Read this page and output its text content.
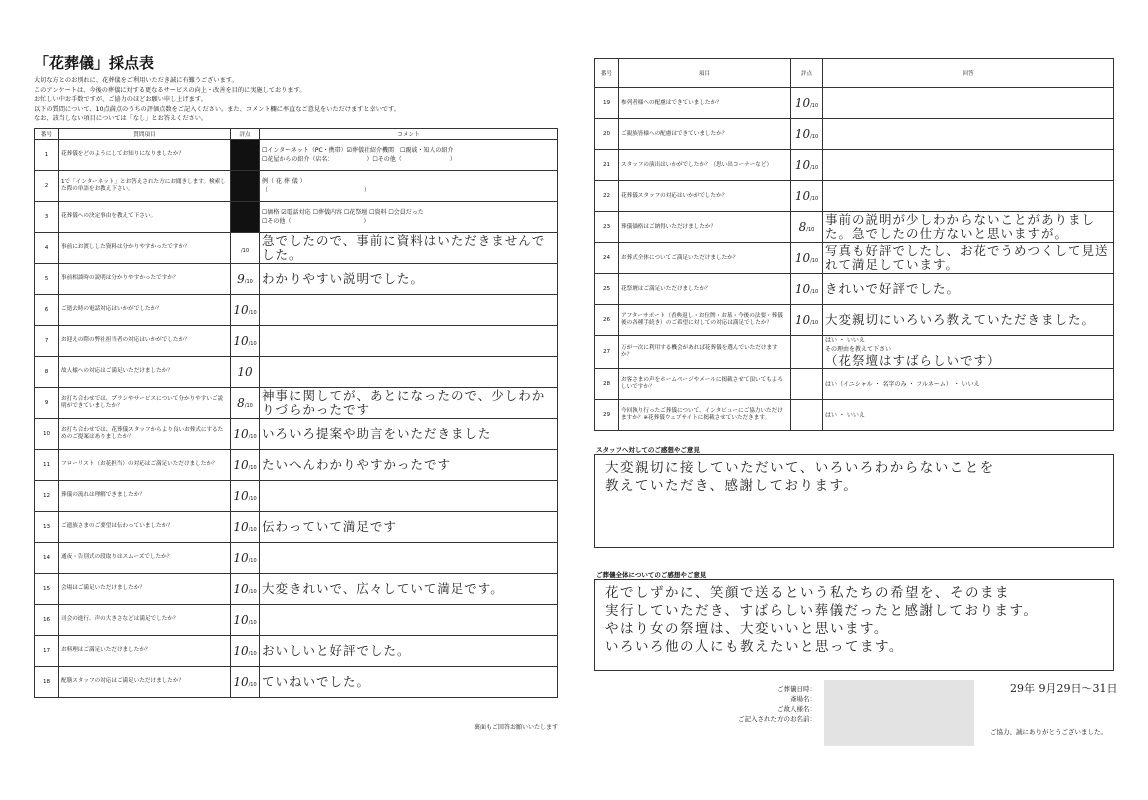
「花葬儀」採点表
大切な方とのお別れに、花葬儀をご利用いただき誠に有難うございます。
このアンケートは、今後の葬儀に対する更なるサービスの向上・改善を目的に実施しております。
お忙しい中お手数ですが、ご協力のほどお願い申し上げます。
以下の質問について、10点満点のうちの評価点数をご記入ください。また、コメント欄に率直なご意見をいただけますと幸いです。
なお、該当しない項目については「なし」とお答えください。
番号	質問項目	評点	コメント
1	花葬儀をどのようにしてお知りになりましたか？		☐インターネット（PC・携帯）☑葬儀社紹介機関　☐親戚・知人の紹介
☐花屋からの紹介（店名：　　　　　　）☐その他（　　　　　　　　）

2	1で「インターネット」とお答えされた方にお聞きします。検索した際の単語をお教え下さい。		例（ 花 葬 儀 ）
（　　　　　　　　　　　　　　　　）

3	花葬儀への決定事由を教えて下さい。		☐価格 ☑電話対応 ☐葬儀内容 ☐花祭壇 ☐資料 ☐会員だった
☐その他（　　　　　　　　　　　　）

4	事前にお渡しした資料は分かりやすかったですか？	/10	急でしたので、事前に資料はいただきませんでした。

5	事前相談時の説明は分かりやすかったですか？	9/10	わかりやすい説明でした。

6	ご逝去時の電話対応はいかがでしたか？	10/10	

7	お迎えの際の弊社担当者の対応はいかがでしたか？	10/10	

8	故人様への対応はご満足いただけましたか？	10	

9	お打ち合わせでは、プランやサービスについて分かりやすいご説明ができていましたか？	8/10	神事に関してが、あとになったので、少しわかりづらかったです

10	お打ち合わせでは、花葬儀スタッフからより良いお葬式にするためのご提案はありましたか？	10/10	いろいろ提案や助言をいただきました

11	フローリスト（お花担当）の対応はご満足いただけましたか？	10/10	たいへんわかりやすかったです

12	葬儀の流れは理解できましたか？	10/10	

13	ご遺族さまのご要望は伝わっていましたか？	10/10	伝わっていて満足です

14	通夜・告別式の段取りはスムーズでしたか？	10/10	

15	会場はご満足いただけましたか？	10/10	大変きれいで、広々していて満足です。

16	司会の進行、声の大きさなどは満足でしたか？	10/10	

17	お料理はご満足いただけましたか？	10/10	おいしいと好評でした。

18	配膳スタッフの対応はご満足いただけましたか？	10/10	ていねいでした。
裏面もご回答お願いいたします
番号	項目	評点	回答
19	参列者様への配慮はできていましたか？	10/10	

20	ご親族皆様への配慮はできていましたか？	10/10	

21	スタッフの演出はいかがでしたか？（思い出コーナーなど）	10/10	

22	花葬儀スタッフの対応はいかがでしたか？	10/10	

23	葬儀価格はご納得いただけましたか？	8/10	事前の説明が少しわからないことがありました。急でしたの仕方ないと思いますが。

24	お葬式全体についてご満足いただけましたか？	10/10	写真も好評でしたし、お花でうめつくして見送れて満足しています。

25	花祭壇はご満足いただけましたか？	10/10	きれいで好評でした。

26	アフターサポート（香典返し・お位牌・お墓・今後の法要・葬儀後の各種手続き）のご希望に対しての対応は満足でしたか？	10/10	大変親切にいろいろ教えていただきました。

27	万が一次に利用する機会があれば花葬儀を選んでいただけますか？		はい ・ いいえ
その理由を教えて下さい
（花祭壇はすばらしいです）

28	お客さまの声をホームページやメールに掲載させて頂いてもよろしいですか？		はい（イニシャル ・ 名字のみ ・ フルネーム） ・ いいえ

29	今回執り行ったご葬儀について、インタビューにご協力いただけますか？※花葬儀ウェブサイトに掲載させていただきます。		はい ・ いいえ
スタッフへ対してのご感想やご意見
大変親切に接していただいて、いろいろわからないことを
教えていただき、感謝しております。
ご葬儀全体についてのご感想やご意見
花でしずかに、笑顔で送るという私たちの希望を、そのまま
実行していただき、すばらしい葬儀だったと感謝しております。
やはり女の祭壇は、大変いいと思います。
いろいろ他の人にも教えたいと思ってます。
ご葬儀日時：
斎場名：
ご故人様名：
ご記入された方のお名前：
29年 9月29日〜31日
ご協力、誠にありがとうございました。
